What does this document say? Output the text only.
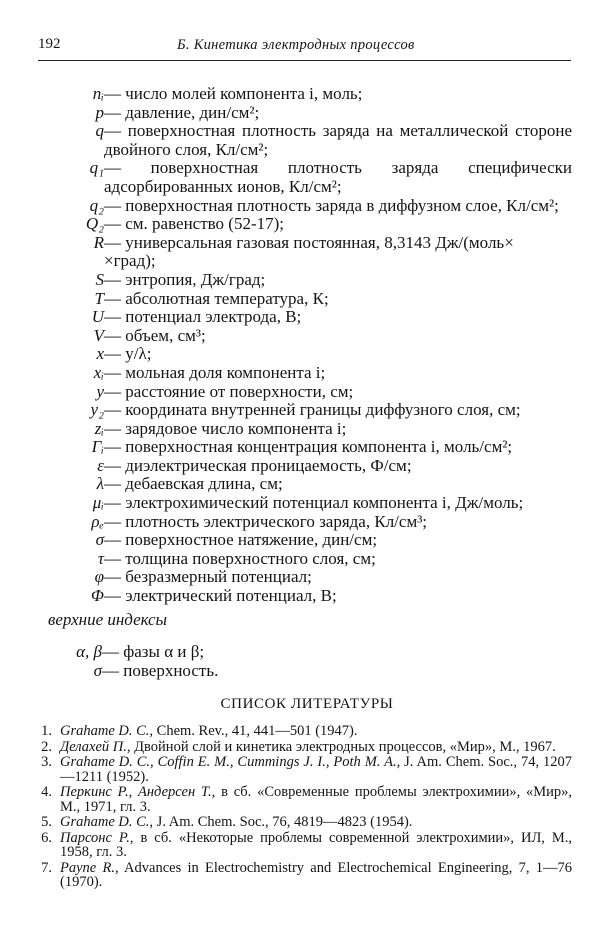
192	Б. Кинетика электродных процессов
nᵢ — число молей компонента i, моль;
p — давление, дин/см²;
q — поверхностная плотность заряда на металлической стороне двойного слоя, Кл/см²;
q₁ — поверхностная плотность заряда специфически адсорбированных ионов, Кл/см²;
q₂ — поверхностная плотность заряда в диффузном слое, Кл/см²;
Q₂ — см. равенство (52-17);
R — универсальная газовая постоянная, 8,3143 Дж/(моль×
×град);
S — энтропия, Дж/град;
T — абсолютная температура, К;
U — потенциал электрода, В;
V — объем, см³;
x — y/λ;
xᵢ — мольная доля компонента i;
y — расстояние от поверхности, см;
y₂ — координата внутренней границы диффузного слоя, см;
zᵢ — зарядовое число компонента i;
Γᵢ — поверхностная концентрация компонента i, моль/см²;
ε — диэлектрическая проницаемость, Ф/см;
λ — дебаевская длина, см;
μᵢ — электрохимический потенциал компонента i, Дж/моль;
ρₑ — плотность электрического заряда, Кл/см³;
σ — поверхностное натяжение, дин/см;
τ — толщина поверхностного слоя, см;
φ — безразмерный потенциал;
Φ — электрический потенциал, В;
верхние индексы
α, β — фазы α и β;
σ — поверхность.
СПИСОК ЛИТЕРАТУРЫ
1. Grahame D. C., Chem. Rev., 41, 441—501 (1947).
2. Делахей П., Двойной слой и кинетика электродных процессов, «Мир», М., 1967.
3. Grahame D. C., Coffin E. M., Cummings J. I., Poth M. A., J. Am. Chem. Soc., 74, 1207—1211 (1952).
4. Перкинс Р., Андерсен Т., в сб. «Современные проблемы электрохимии», «Мир», М., 1971, гл. 3.
5. Grahame D. C., J. Am. Chem. Soc., 76, 4819—4823 (1954).
6. Парсонс Р., в сб. «Некоторые проблемы современной электрохимии», ИЛ, М., 1958, гл. 3.
7. Payne R., Advances in Electrochemistry and Electrochemical Engineering, 7, 1—76 (1970).
